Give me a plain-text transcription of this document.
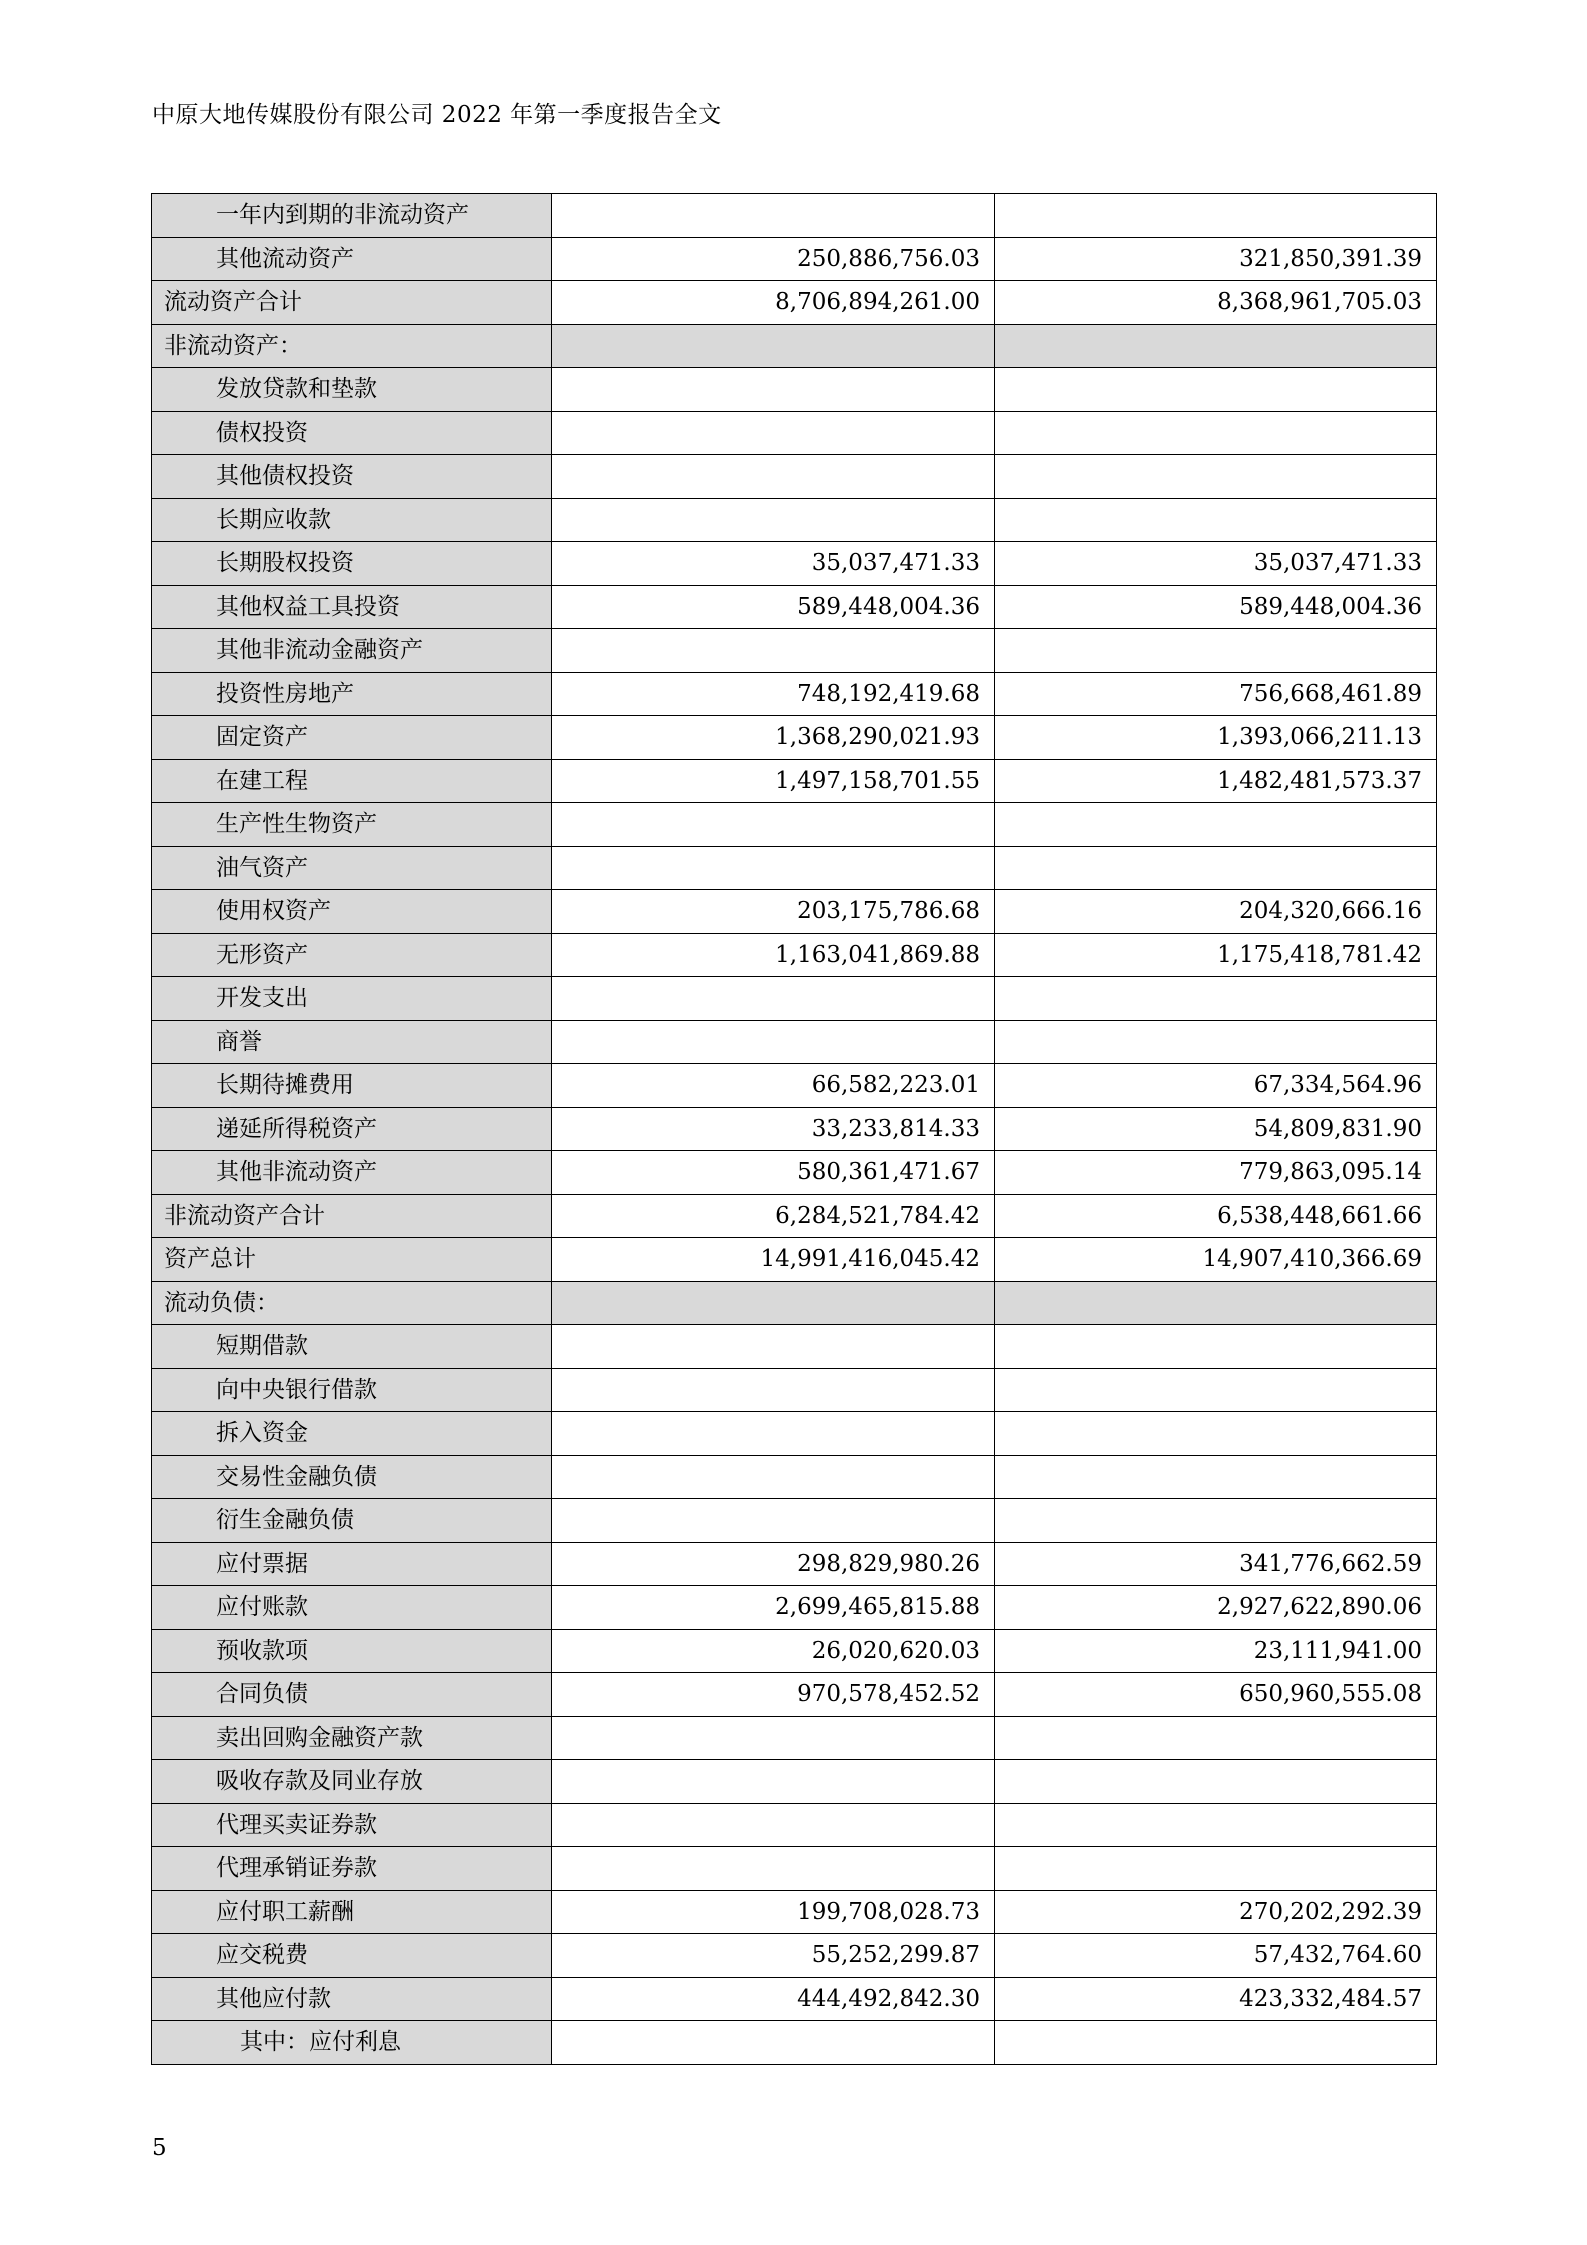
中原大地传媒股份有限公司 2022 年第一季度报告全文
一年内到期的非流动资产		
其他流动资产	250,886,756.03	321,850,391.39
流动资产合计	8,706,894,261.00	8,368,961,705.03
非流动资产：		
发放贷款和垫款		
债权投资		
其他债权投资		
长期应收款		
长期股权投资	35,037,471.33	35,037,471.33
其他权益工具投资	589,448,004.36	589,448,004.36
其他非流动金融资产		
投资性房地产	748,192,419.68	756,668,461.89
固定资产	1,368,290,021.93	1,393,066,211.13
在建工程	1,497,158,701.55	1,482,481,573.37
生产性生物资产		
油气资产		
使用权资产	203,175,786.68	204,320,666.16
无形资产	1,163,041,869.88	1,175,418,781.42
开发支出		
商誉		
长期待摊费用	66,582,223.01	67,334,564.96
递延所得税资产	33,233,814.33	54,809,831.90
其他非流动资产	580,361,471.67	779,863,095.14
非流动资产合计	6,284,521,784.42	6,538,448,661.66
资产总计	14,991,416,045.42	14,907,410,366.69
流动负债：		
短期借款		
向中央银行借款		
拆入资金		
交易性金融负债		
衍生金融负债		
应付票据	298,829,980.26	341,776,662.59
应付账款	2,699,465,815.88	2,927,622,890.06
预收款项	26,020,620.03	23,111,941.00
合同负债	970,578,452.52	650,960,555.08
卖出回购金融资产款		
吸收存款及同业存放		
代理买卖证券款		
代理承销证券款		
应付职工薪酬	199,708,028.73	270,202,292.39
应交税费	55,252,299.87	57,432,764.60
其他应付款	444,492,842.30	423,332,484.57
其中：应付利息		
5
